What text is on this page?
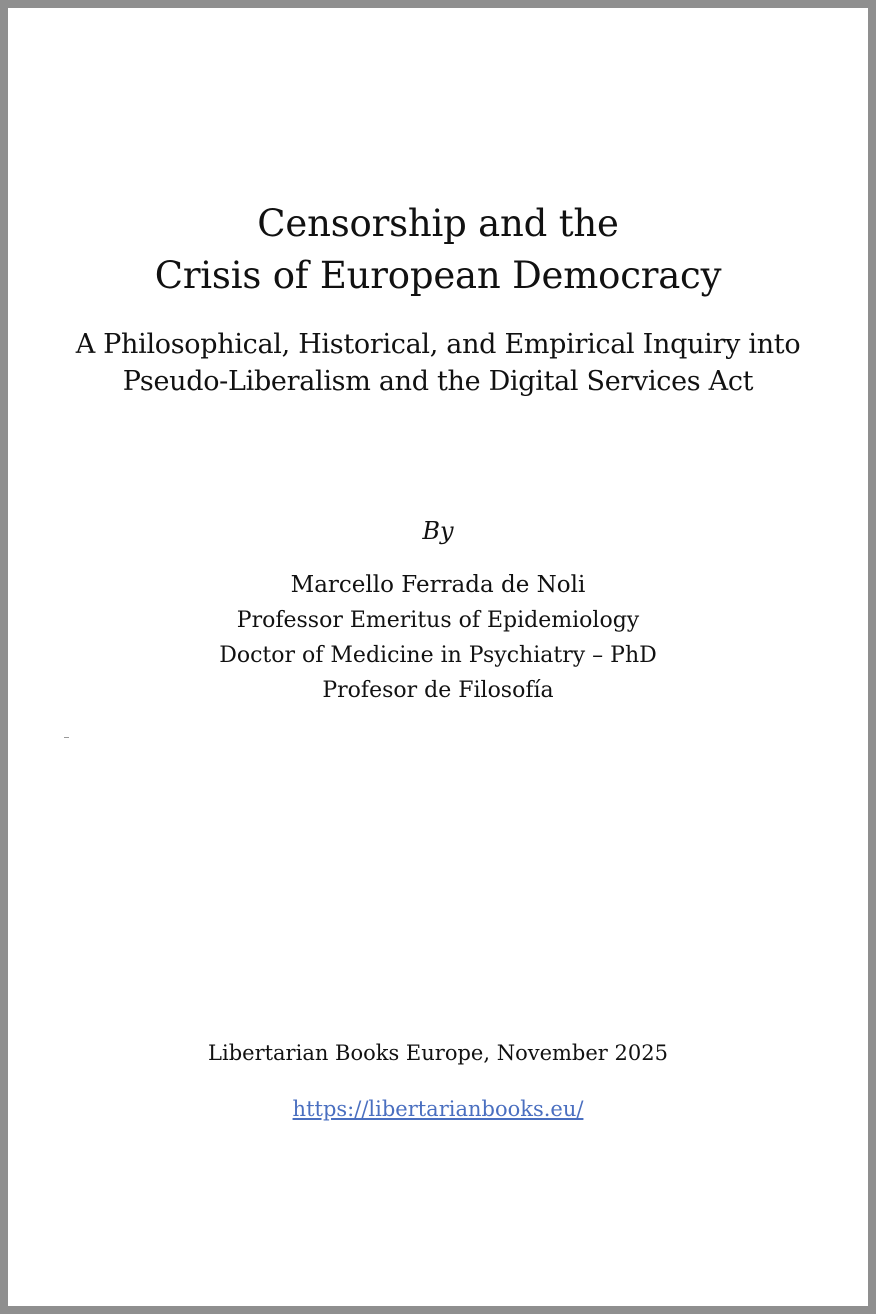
Censorship and the
Crisis of European Democracy
A Philosophical, Historical, and Empirical Inquiry into
Pseudo-Liberalism and the Digital Services Act
By
Marcello Ferrada de Noli
Professor Emeritus of Epidemiology
Doctor of Medicine in Psychiatry – PhD
Profesor de Filosofía
Libertarian Books Europe, November 2025
https://libertarianbooks.eu/
